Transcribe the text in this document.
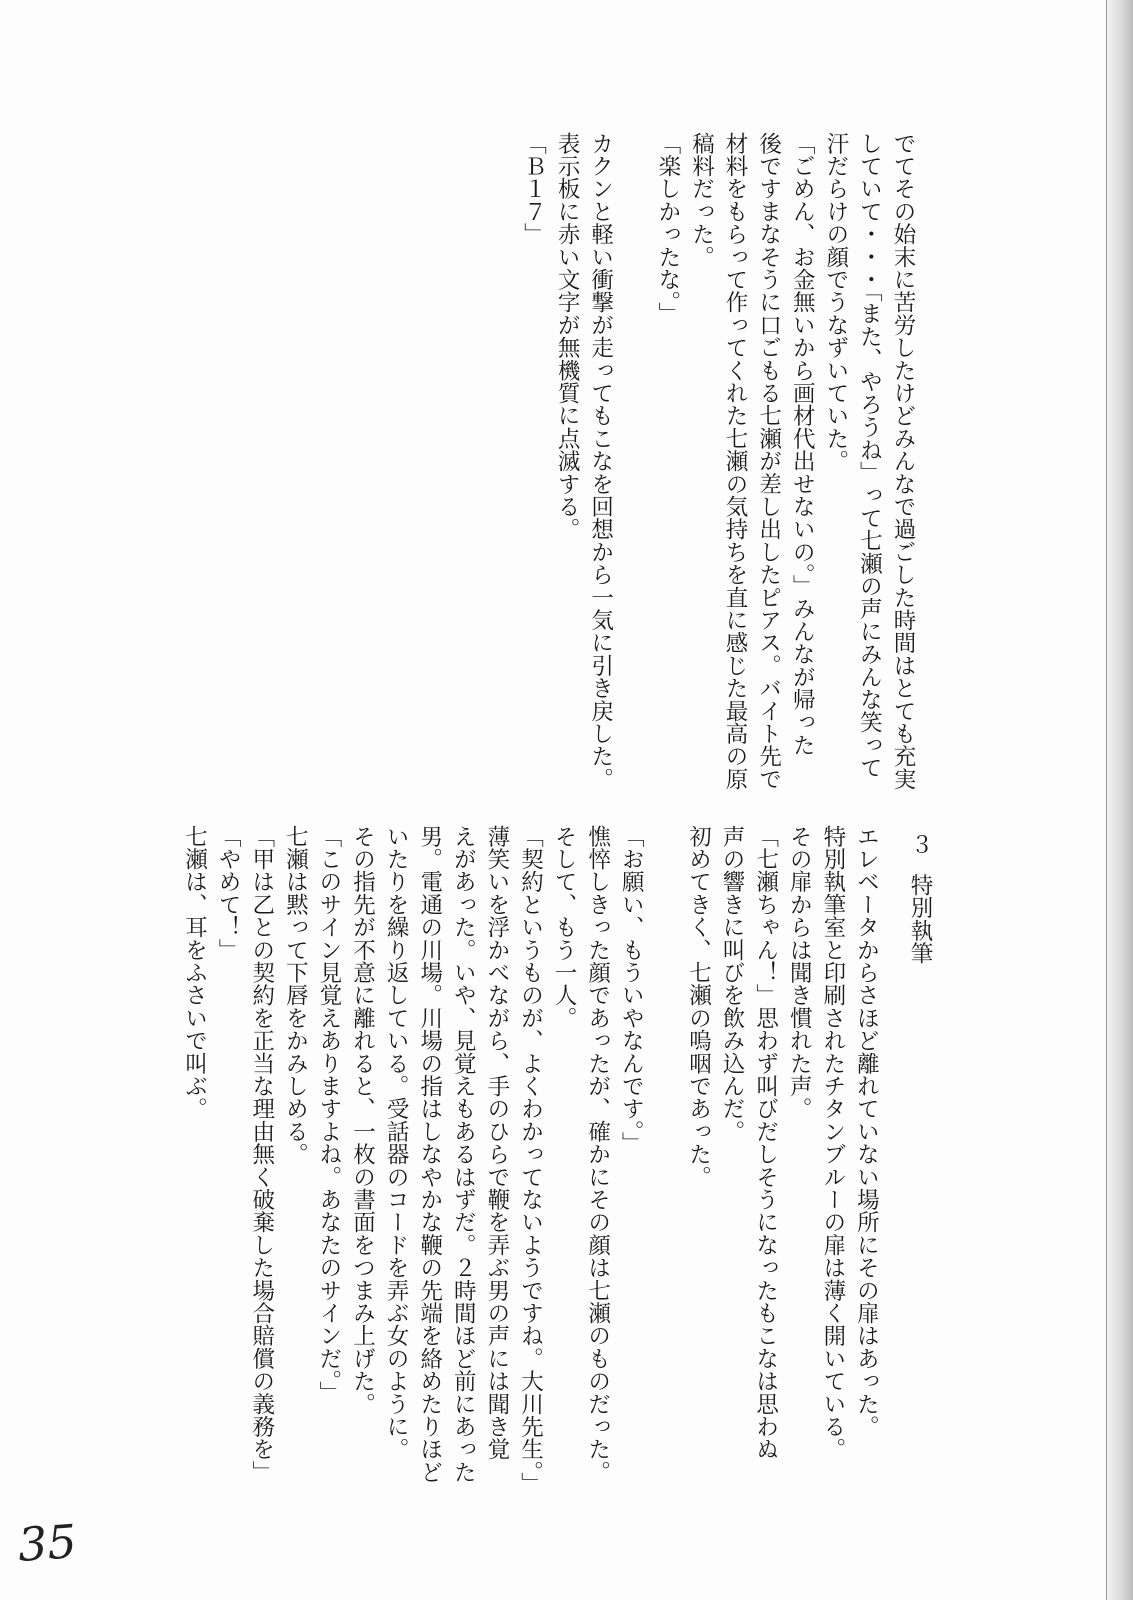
でてその始末に苦労したけどみんなで過ごした時間はとても充実

していて・・・「また、やろうね」って七瀬の声にみんな笑って

汗だらけの顔でうなずいていた。

「ごめん、お金無いから画材代出せないの。」みんなが帰った

後ですまなそうに口ごもる七瀬が差し出したピアス。バイト先で

材料をもらって作ってくれた七瀬の気持ちを直に感じた最高の原

稿料だった。

「楽しかったな。」

カクンと軽い衝撃が走ってもこなを回想から一気に引き戻した。

表示板に赤い文字が無機質に点滅する。

「Ｂ１７」

３特別執筆

エレベータからさほど離れていない場所にその扉はあった。

特別執筆室と印刷されたチタンブルーの扉は薄く開いている。

その扉からは聞き慣れた声。

「七瀬ちゃん！」思わず叫びだしそうになったもこなは思わぬ

声の響きに叫びを飲み込んだ。

初めてきく、七瀬の嗚咽であった。

「お願い、もういやなんです。」

憔悴しきった顔であったが、確かにその顔は七瀬のものだった。

そして、もう一人。

「契約というものが、よくわかってないようですね。大川先生。」

薄笑いを浮かべながら、手のひらで鞭を弄ぶ男の声には聞き覚

えがあった。いや、見覚えもあるはずだ。２時間ほど前にあった

男。電通の川場。川場の指はしなやかな鞭の先端を絡めたりほど

いたりを繰り返している。受話器のコードを弄ぶ女のように。

その指先が不意に離れると、一枚の書面をつまみ上げた。

「このサイン見覚えありますよね。あなたのサインだ。」

七瀬は黙って下唇をかみしめる。

「甲は乙との契約を正当な理由無く破棄した場合賠償の義務を」

「やめて！」

七瀬は、耳をふさいで叫ぶ。

35
